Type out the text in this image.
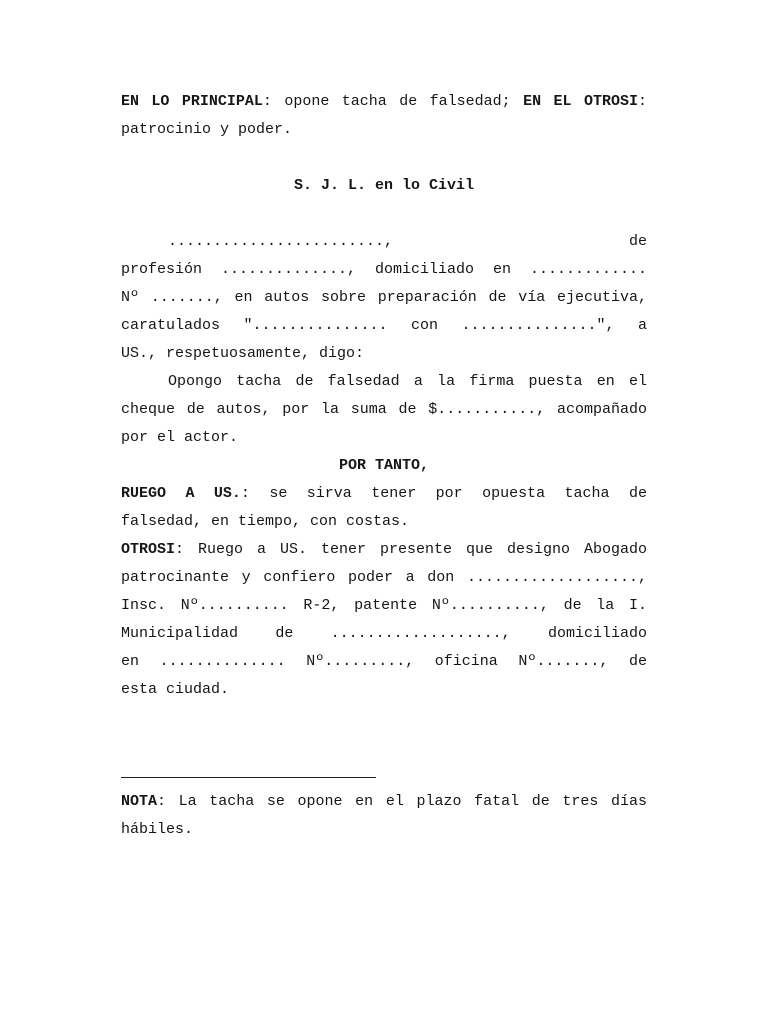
EN LO PRINCIPAL: opone tacha de falsedad; EN EL OTROSI:
patrocinio y poder.
S. J. L. en lo Civil
........................, de
profesión .............., domiciliado en .............
Nº ......., en autos sobre preparación de vía ejecutiva,
caratulados "............... con ...............", a
US., respetuosamente, digo:
Opongo tacha de falsedad a la firma puesta en el
cheque de autos, por la suma de $..........., acompañado
por el actor.
POR TANTO,
RUEGO A US.: se sirva tener por opuesta tacha de
falsedad, en tiempo, con costas.
OTROSI: Ruego a US. tener presente que designo Abogado
patrocinante y confiero poder a don ...................,
Insc. Nº.......... R-2, patente Nº.........., de la I.
Municipalidad de ..................., domiciliado
en .............. Nº........., oficina Nº......., de
esta ciudad.
NOTA: La tacha se opone en el plazo fatal de tres días
hábiles.
